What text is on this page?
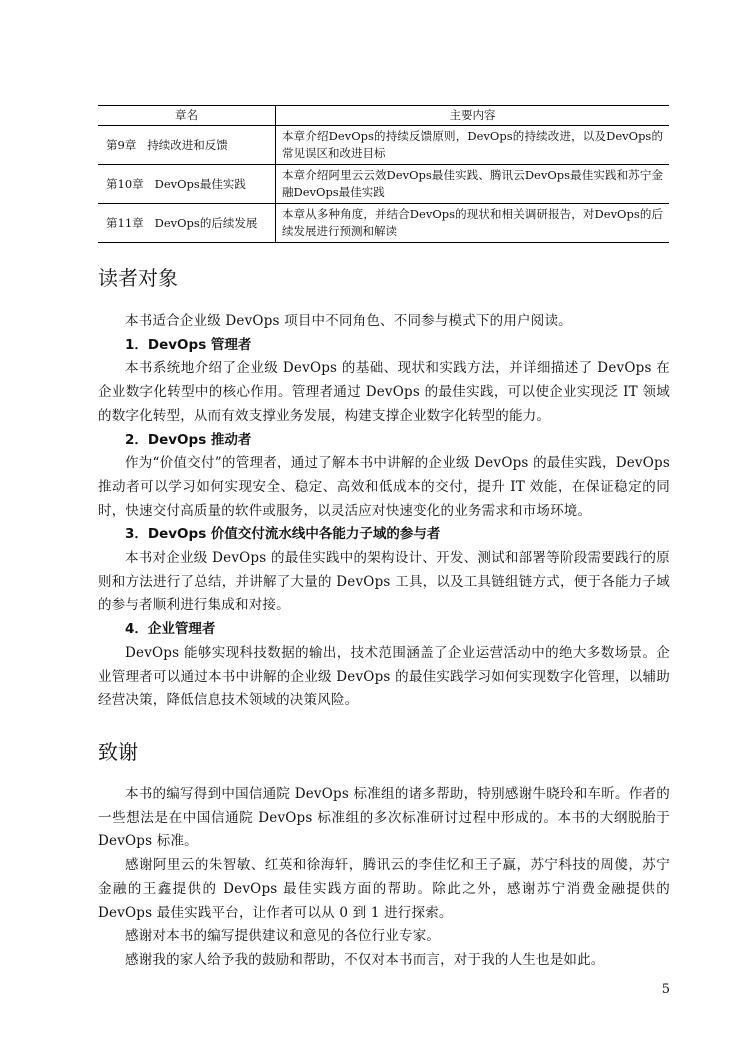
章名	主要内容
第9章 持续改进和反馈	本章介绍DevOps的持续反馈原则，DevOps的持续改进，以及DevOps的常见误区和改进目标
第10章 DevOps最佳实践	本章介绍阿里云云效DevOps最佳实践、腾讯云DevOps最佳实践和苏宁金融DevOps最佳实践
第11章 DevOps的后续发展	本章从多种角度，并结合DevOps的现状和相关调研报告，对DevOps的后续发展进行预测和解读
读者对象

本书适合企业级 DevOps 项目中不同角色、不同参与模式下的用户阅读。

1．DevOps 管理者

本书系统地介绍了企业级 DevOps 的基础、现状和实践方法，并详细描述了 DevOps 在企业数字化转型中的核心作用。管理者通过 DevOps 的最佳实践，可以使企业实现泛 IT 领域的数字化转型，从而有效支撑业务发展，构建支撑企业数字化转型的能力。

2．DevOps 推动者

作为“价值交付”的管理者，通过了解本书中讲解的企业级 DevOps 的最佳实践，DevOps 推动者可以学习如何实现安全、稳定、高效和低成本的交付，提升 IT 效能，在保证稳定的同时，快速交付高质量的软件或服务，以灵活应对快速变化的业务需求和市场环境。

3．DevOps 价值交付流水线中各能力子域的参与者

本书对企业级 DevOps 的最佳实践中的架构设计、开发、测试和部署等阶段需要践行的原则和方法进行了总结，并讲解了大量的 DevOps 工具，以及工具链组链方式，便于各能力子域的参与者顺利进行集成和对接。

4．企业管理者

DevOps 能够实现科技数据的输出，技术范围涵盖了企业运营活动中的绝大多数场景。企业管理者可以通过本书中讲解的企业级 DevOps 的最佳实践学习如何实现数字化管理，以辅助经营决策，降低信息技术领域的决策风险。

致谢

本书的编写得到中国信通院 DevOps 标准组的诸多帮助，特别感谢牛晓玲和车昕。作者的一些想法是在中国信通院 DevOps 标准组的多次标准研讨过程中形成的。本书的大纲脱胎于 DevOps 标准。

感谢阿里云的朱智敏、红英和徐海轩，腾讯云的李佳忆和王子赢，苏宁科技的周傻，苏宁金融的王鑫提供的 DevOps 最佳实践方面的帮助。除此之外，感谢苏宁消费金融提供的 DevOps 最佳实践平台，让作者可以从 0 到 1 进行探索。

感谢对本书的编写提供建议和意见的各位行业专家。

感谢我的家人给予我的鼓励和帮助，不仅对本书而言，对于我的人生也是如此。

5
